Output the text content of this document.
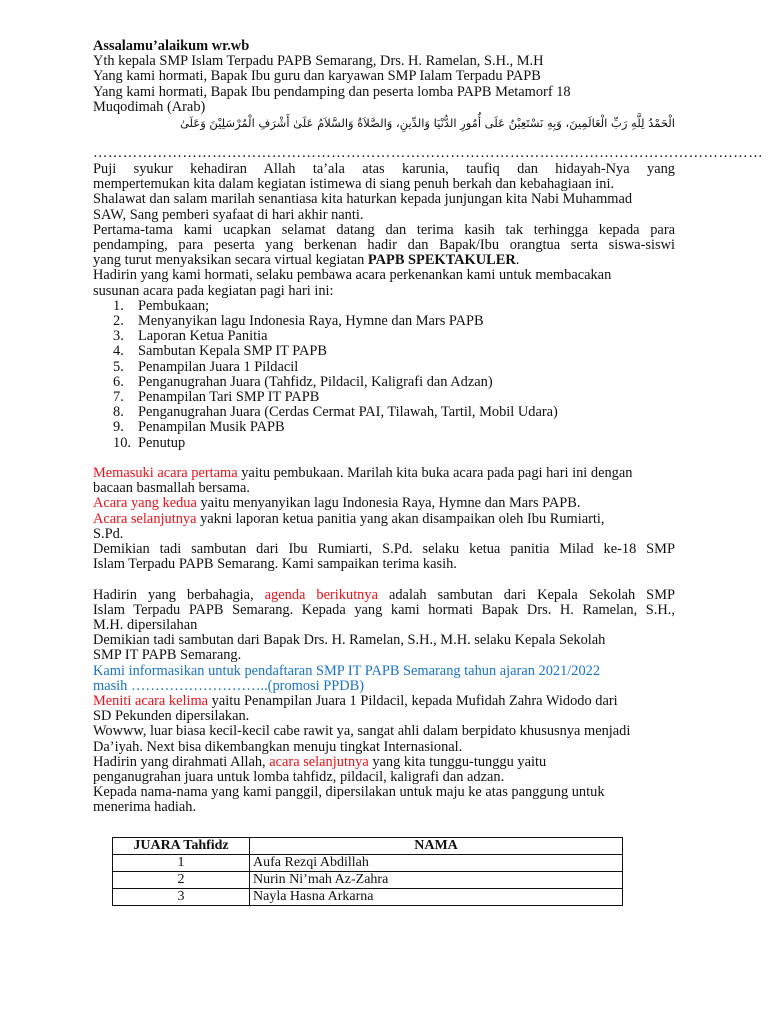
Assalamu’alaikum wr.wb
Yth kepala SMP Islam Terpadu PAPB Semarang, Drs. H. Ramelan, S.H., M.H
Yang kami hormati, Bapak Ibu guru dan karyawan SMP Ialam Terpadu PAPB
Yang kami hormati, Bapak Ibu pendamping dan peserta lomba PAPB Metamorf 18
Muqodimah (Arab)
الْحَمْدُ لِلَّهِ رَبِّ الْعَالَمِينَ، وَبِهِ نَسْتَعِيْنُ عَلَى أُمُورِ الدُّنْيَا وَالدِّينِ، وَالصَّلاَةُ وَالسَّلاَمُ عَلَىٰ أَشْرَفِ الْمُرْسَلِيْنَ وَعَلَىٰ
………………………………………………………………………………………………………………………
Puji syukur kehadiran Allah ta’ala atas karunia, taufiq dan hidayah-Nya yang
mempertemukan kita dalam kegiatan istimewa di siang penuh berkah dan kebahagiaan ini.
Shalawat dan salam marilah senantiasa kita haturkan kepada junjungan kita Nabi Muhammad
SAW, Sang pemberi syafaat di hari akhir nanti.
Pertama-tama kami ucapkan selamat datang dan terima kasih tak terhingga kepada para
pendamping, para peserta yang berkenan hadir dan Bapak/Ibu orangtua serta siswa-siswi
yang turut menyaksikan secara virtual kegiatan PAPB SPEKTAKULER.
Hadirin yang kami hormati, selaku pembawa acara perkenankan kami untuk membacakan
susunan acara pada kegiatan pagi hari ini:
1. Pembukaan;
2. Menyanyikan lagu Indonesia Raya, Hymne dan Mars PAPB
3. Laporan Ketua Panitia
4. Sambutan Kepala SMP IT PAPB
5. Penampilan Juara 1 Pildacil
6. Penganugrahan Juara (Tahfidz, Pildacil, Kaligrafi dan Adzan)
7. Penampilan Tari SMP IT PAPB
8. Penganugrahan Juara (Cerdas Cermat PAI, Tilawah, Tartil, Mobil Udara)
9. Penampilan Musik PAPB
10. Penutup
Memasuki acara pertama yaitu pembukaan. Marilah kita buka acara pada pagi hari ini dengan
bacaan basmallah bersama.
Acara yang kedua yaitu menyanyikan lagu Indonesia Raya, Hymne dan Mars PAPB.
Acara selanjutnya yakni laporan ketua panitia yang akan disampaikan oleh Ibu Rumiarti,
S.Pd.
Demikian tadi sambutan dari Ibu Rumiarti, S.Pd. selaku ketua panitia Milad ke-18 SMP
Islam Terpadu PAPB Semarang. Kami sampaikan terima kasih.
Hadirin yang berbahagia, agenda berikutnya adalah sambutan dari Kepala Sekolah SMP
Islam Terpadu PAPB Semarang. Kepada yang kami hormati Bapak Drs. H. Ramelan, S.H.,
M.H. dipersilahan
Demikian tadi sambutan dari Bapak Drs. H. Ramelan, S.H., M.H. selaku Kepala Sekolah
SMP IT PAPB Semarang.
Kami informasikan untuk pendaftaran SMP IT PAPB Semarang tahun ajaran 2021/2022
masih ………………………..(promosi PPDB)
Meniti acara kelima yaitu Penampilan Juara 1 Pildacil, kepada Mufidah Zahra Widodo dari
SD Pekunden dipersilakan.
Wowww, luar biasa kecil-kecil cabe rawit ya, sangat ahli dalam berpidato khususnya menjadi
Da’iyah. Next bisa dikembangkan menuju tingkat Internasional.
Hadirin yang dirahmati Allah, acara selanjutnya yang kita tunggu-tunggu yaitu
penganugrahan juara untuk lomba tahfidz, pildacil, kaligrafi dan adzan.
Kepada nama-nama yang kami panggil, dipersilakan untuk maju ke atas panggung untuk
menerima hadiah.
JUARA Tahfidz	NAMA
1	Aufa Rezqi Abdillah
2	Nurin Ni’mah Az-Zahra
3	Nayla Hasna Arkarna
